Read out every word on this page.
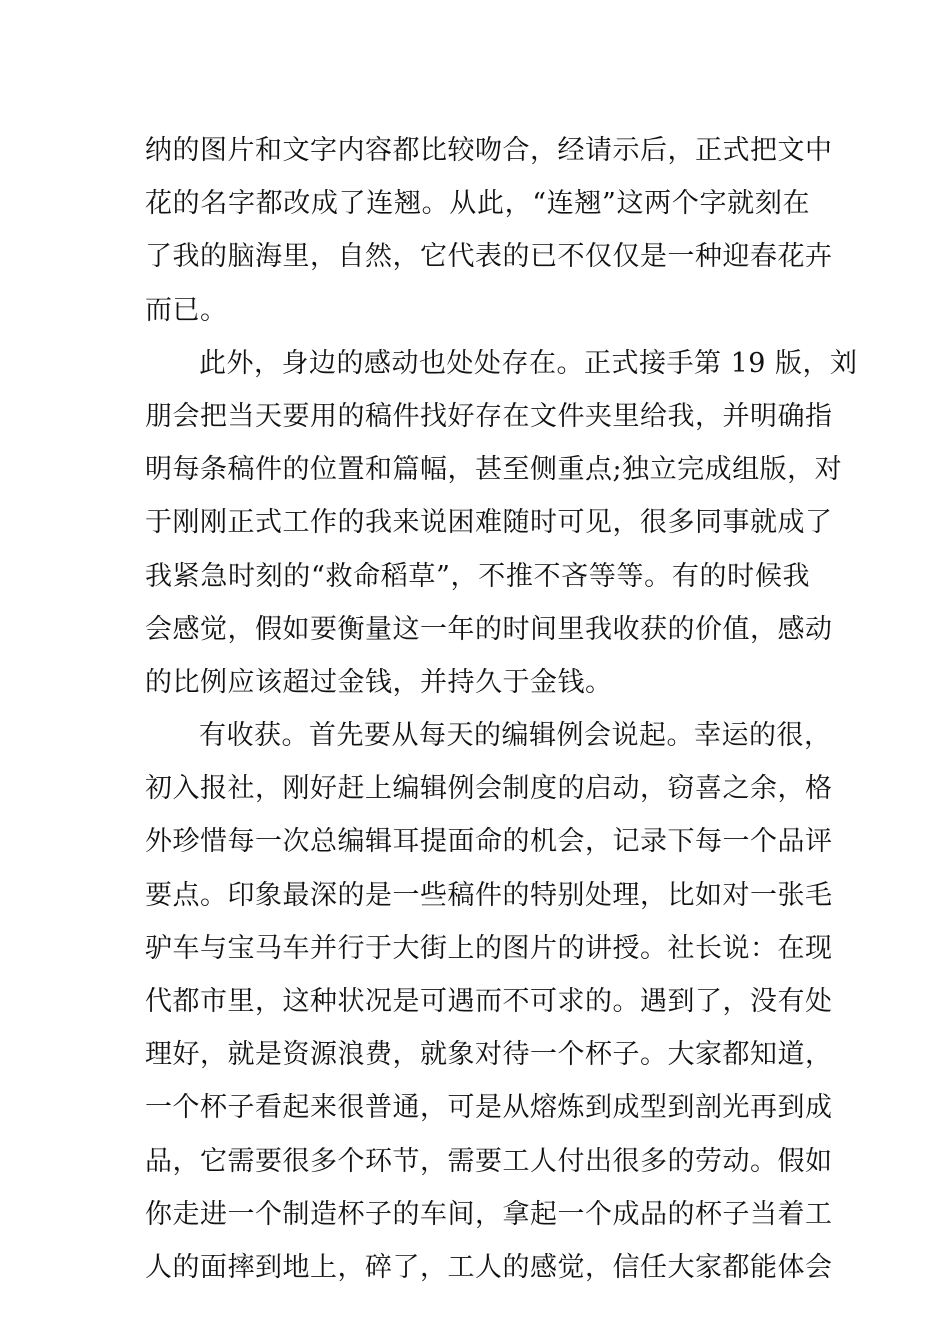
纳的图片和文字内容都比较吻合，经请示后，正式把文中
花的名字都改成了连翘。从此，“连翘”这两个字就刻在
了我的脑海里，自然，它代表的已不仅仅是一种迎春花卉
而已。
此外，身边的感动也处处存在。正式接手第 19 版，刘
朋会把当天要用的稿件找好存在文件夹里给我，并明确指
明每条稿件的位置和篇幅，甚至侧重点;独立完成组版，对
于刚刚正式工作的我来说困难随时可见，很多同事就成了
我紧急时刻的“救命稻草”，不推不吝等等。有的时候我
会感觉，假如要衡量这一年的时间里我收获的价值，感动
的比例应该超过金钱，并持久于金钱。
有收获。首先要从每天的编辑例会说起。幸运的很，
初入报社，刚好赶上编辑例会制度的启动，窃喜之余，格
外珍惜每一次总编辑耳提面命的机会，记录下每一个品评
要点。印象最深的是一些稿件的特别处理，比如对一张毛
驴车与宝马车并行于大街上的图片的讲授。社长说：在现
代都市里，这种状况是可遇而不可求的。遇到了，没有处
理好，就是资源浪费，就象对待一个杯子。大家都知道，
一个杯子看起来很普通，可是从熔炼到成型到剖光再到成
品，它需要很多个环节，需要工人付出很多的劳动。假如
你走进一个制造杯子的车间，拿起一个成品的杯子当着工
人的面摔到地上，碎了，工人的感觉，信任大家都能体会
